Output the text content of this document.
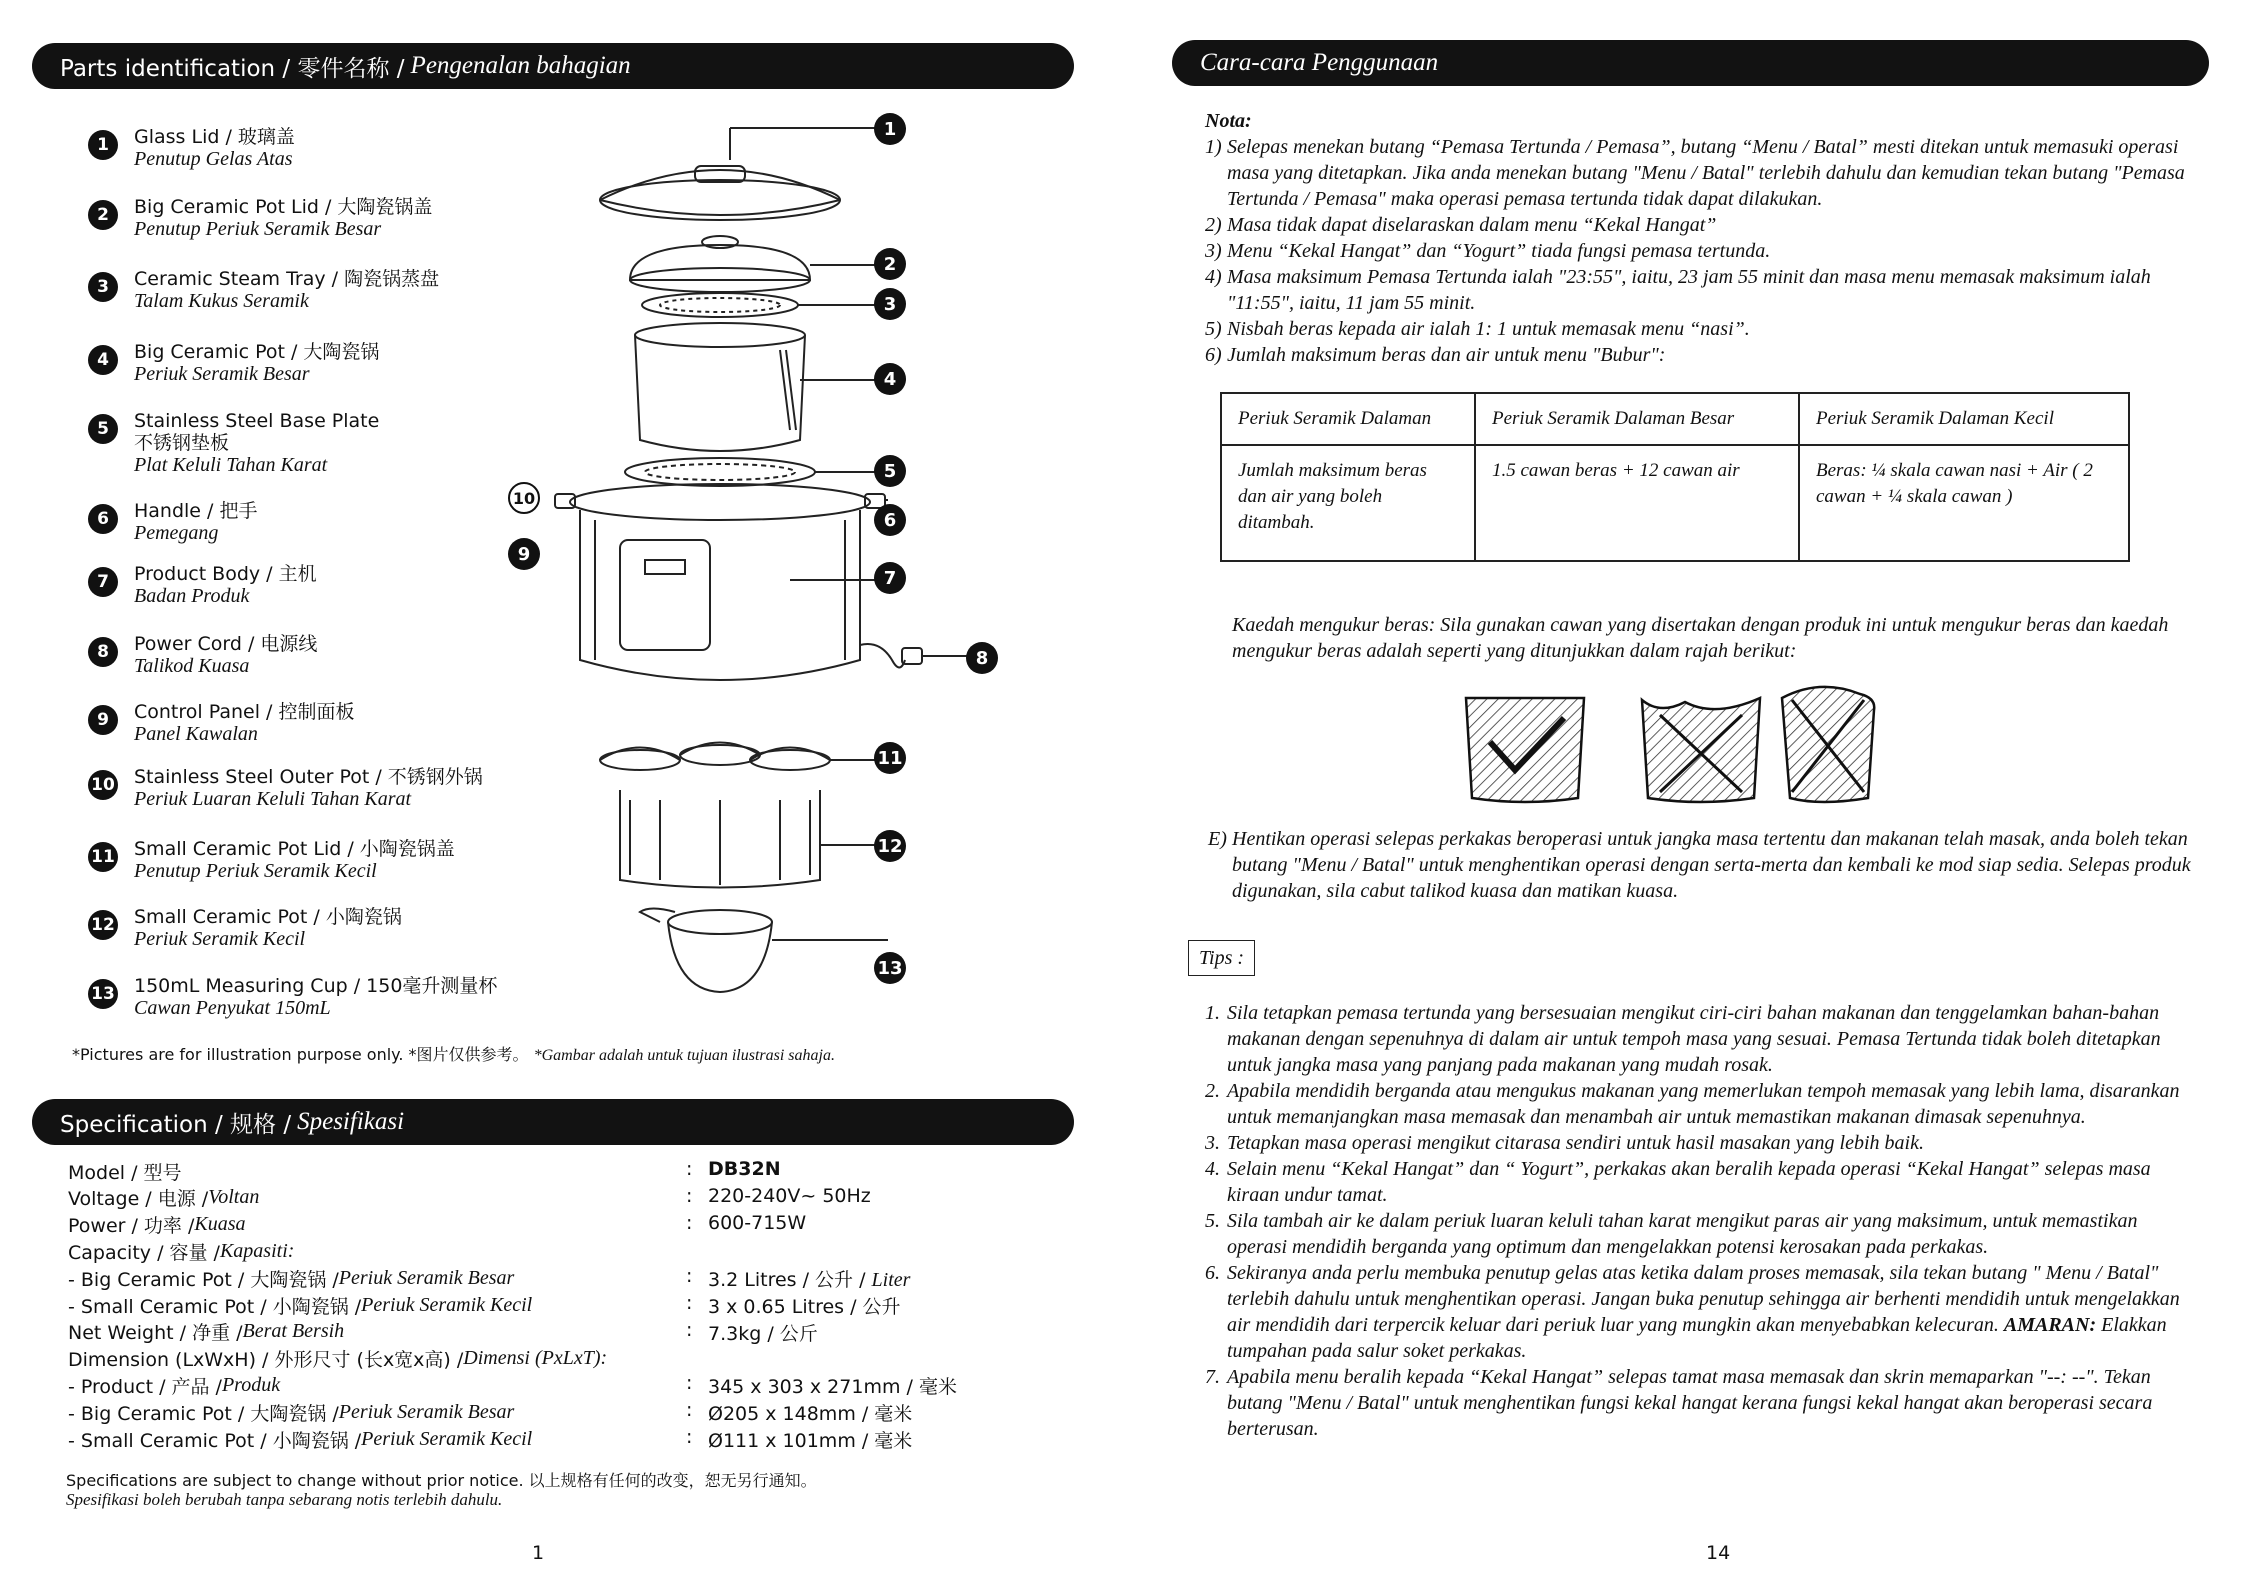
Parts identification / 零件名称 / Pengenalan bahagian
1	Glass Lid / 玻璃盖
Penutup Gelas Atas
2	Big Ceramic Pot Lid / 大陶瓷锅盖
Penutup Periuk Seramik Besar
3	Ceramic Steam Tray / 陶瓷锅蒸盘
Talam Kukus Seramik
4	Big Ceramic Pot / 大陶瓷锅
Periuk Seramik Besar
5	Stainless Steel Base Plate
不锈钢垫板
Plat Keluli Tahan Karat
6	Handle / 把手
Pemegang
7	Product Body / 主机
Badan Produk
8	Power Cord / 电源线
Talikod Kuasa
9	Control Panel / 控制面板
Panel Kawalan
10 Stainless Steel Outer Pot / 不锈钢外锅
Periuk Luaran Keluli Tahan Karat
11 Small Ceramic Pot Lid / 小陶瓷锅盖
Penutup Periuk Seramik Kecil
12 Small Ceramic Pot / 小陶瓷锅
Periuk Seramik Kecil
13 150mL Measuring Cup / 150毫升测量杯
Cawan Penyukat 150mL
1
2
3
4
5
6
7
8
9
10
11
12
13
*Pictures are for illustration purpose only. *图片仅供参考。 *Gambar adalah untuk tujuan ilustrasi sahaja.
Specification / 规格 / Spesifikasi
Model / 型号	: DB32N
Voltage / 电源 / Voltan	: 220-240V~ 50Hz
Power / 功率 / Kuasa	: 600-715W
Capacity / 容量 / Kapasiti:
- Big Ceramic Pot / 大陶瓷锅 / Periuk Seramik Besar	: 3.2 Litres / 公升 / Liter
- Small Ceramic Pot / 小陶瓷锅 / Periuk Seramik Kecil	: 3 x 0.65 Litres / 公升
Net Weight / 净重 / Berat Bersih	: 7.3kg / 公斤
Dimension (LxWxH) / 外形尺寸 (长x宽x高) / Dimensi (PxLxT):
- Product / 产品 / Produk	: 345 x 303 x 271mm / 毫米
- Big Ceramic Pot / 大陶瓷锅 / Periuk Seramik Besar	: Ø205 x 148mm / 毫米
- Small Ceramic Pot / 小陶瓷锅 / Periuk Seramik Kecil	: Ø111 x 101mm / 毫米
Specifications are subject to change without prior notice. 以上规格有任何的改变，恕无另行通知。
Spesifikasi boleh berubah tanpa sebarang notis terlebih dahulu.
1
Cara-cara Penggunaan
Nota:
1) Selepas menekan butang “Pemasa Tertunda / Pemasa”, butang “Menu / Batal” mesti ditekan untuk memasuki operasi masa yang ditetapkan. Jika anda menekan butang "Menu / Batal" terlebih dahulu dan kemudian tekan butang "Pemasa Tertunda / Pemasa" maka operasi pemasa tertunda tidak dapat dilakukan.
2) Masa tidak dapat diselaraskan dalam menu “Kekal Hangat”
3) Menu “Kekal Hangat” dan “Yogurt” tiada fungsi pemasa tertunda.
4) Masa maksimum Pemasa Tertunda ialah "23:55", iaitu, 23 jam 55 minit dan masa menu memasak maksimum ialah "11:55", iaitu, 11 jam 55 minit.
5) Nisbah beras kepada air ialah 1: 1 untuk memasak menu “nasi”.
6) Jumlah maksimum beras dan air untuk menu "Bubur":
Periuk Seramik Dalaman	Periuk Seramik Dalaman Besar	Periuk Seramik Dalaman Kecil
Jumlah maksimum beras dan air yang boleh ditambah.	1.5 cawan beras + 12 cawan air	Beras: ¼ skala cawan nasi + Air ( 2 cawan + ¼ skala cawan )
Kaedah mengukur beras: Sila gunakan cawan yang disertakan dengan produk ini untuk mengukur beras dan kaedah mengukur beras adalah seperti yang ditunjukkan dalam rajah berikut:
E) Hentikan operasi selepas perkakas beroperasi untuk jangka masa tertentu dan makanan telah masak, anda boleh tekan butang "Menu / Batal" untuk menghentikan operasi dengan serta-merta dan kembali ke mod siap sedia. Selepas produk digunakan, sila cabut talikod kuasa dan matikan kuasa.
Tips :
1. Sila tetapkan pemasa tertunda yang bersesuaian mengikut ciri-ciri bahan makanan dan tenggelamkan bahan-bahan makanan dengan sepenuhnya di dalam air untuk tempoh masa yang sesuai. Pemasa Tertunda tidak boleh ditetapkan untuk jangka masa yang panjang pada makanan yang mudah rosak.
2. Apabila mendidih berganda atau mengukus makanan yang memerlukan tempoh memasak yang lebih lama, disarankan untuk memanjangkan masa memasak dan menambah air untuk memastikan makanan dimasak sepenuhnya.
3. Tetapkan masa operasi mengikut citarasa sendiri untuk hasil masakan yang lebih baik.
4. Selain menu “Kekal Hangat” dan “ Yogurt”, perkakas akan beralih kepada operasi “Kekal Hangat” selepas masa kiraan undur tamat.
5. Sila tambah air ke dalam periuk luaran keluli tahan karat mengikut paras air yang maksimum, untuk memastikan operasi mendidih berganda yang optimum dan mengelakkan potensi kerosakan pada perkakas.
6. Sekiranya anda perlu membuka penutup gelas atas ketika dalam proses memasak, sila tekan butang " Menu / Batal" terlebih dahulu untuk menghentikan operasi. Jangan buka penutup sehingga air berhenti mendidih untuk mengelakkan air mendidih dari terpercik keluar dari periuk luar yang mungkin akan menyebabkan kelecuran. AMARAN: Elakkan tumpahan pada salur soket perkakas.
7. Apabila menu beralih kepada “Kekal Hangat” selepas tamat masa memasak dan skrin memaparkan "--: --". Tekan butang "Menu / Batal" untuk menghentikan fungsi kekal hangat kerana fungsi kekal hangat akan beroperasi secara berterusan.
14
